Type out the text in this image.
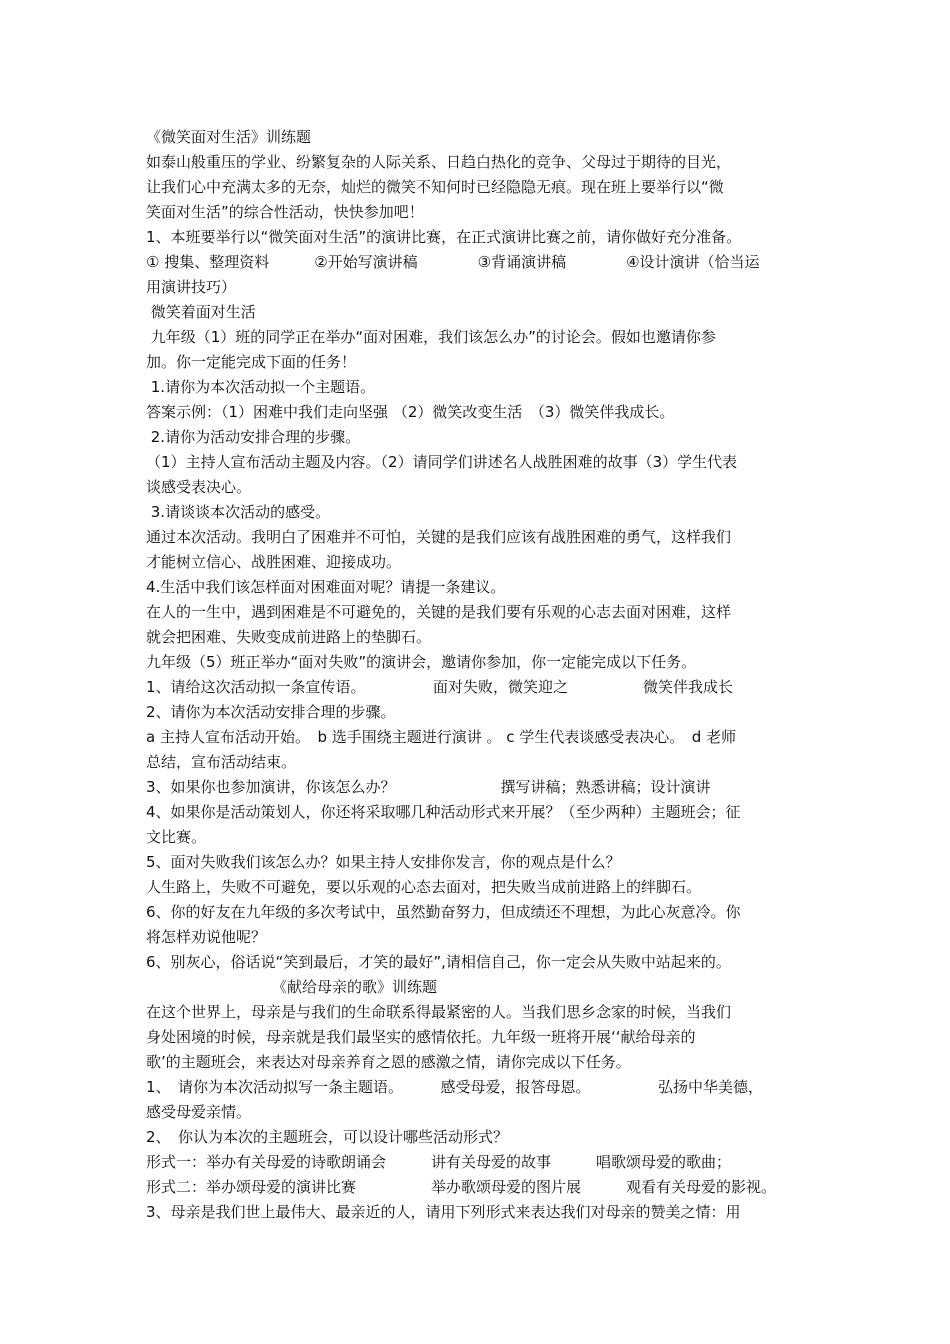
《微笑面对生活》训练题

如泰山般重压的学业、纷繁复杂的人际关系、日趋白热化的竞争、父母过于期待的目光，

让我们心中充满太多的无奈，灿烂的微笑不知何时已经隐隐无痕。现在班上要举行以“微

笑面对生活”的综合性活动，快快参加吧！

1、本班要举行以“微笑面对生活”的演讲比赛，在正式演讲比赛之前，请你做好充分准备。

① 搜集、整理资料　　　②开始写演讲稿　　　　③背诵演讲稿　　　　④设计演讲（恰当运

用演讲技巧）

微笑着面对生活

九年级（1）班的同学正在举办“面对困难，我们该怎么办”的讨论会。假如也邀请你参

加。你一定能完成下面的任务！

1.请你为本次活动拟一个主题语。

答案示例：（1）困难中我们走向坚强 （2）微笑改变生活　（3）微笑伴我成长。

2.请你为活动安排合理的步骤。

（1）主持人宣布活动主题及内容。（2）请同学们讲述名人战胜困难的故事（3）学生代表

谈感受表决心。

3.请谈谈本次活动的感受。

通过本次活动。我明白了困难并不可怕，关键的是我们应该有战胜困难的勇气，这样我们

才能树立信心、战胜困难、迎接成功。

4.生活中我们该怎样面对困难面对呢？请提一条建议。

在人的一生中，遇到困难是不可避免的，关键的是我们要有乐观的心志去面对困难，这样

就会把困难、失败变成前进路上的垫脚石。

九年级（5）班正举办“面对失败”的演讲会，邀请你参加，你一定能完成以下任务。

1、请给这次活动拟一条宣传语。　　　　　面对失败，微笑迎之　　　　　微笑伴我成长

2、请你为本次活动安排合理的步骤。

a 主持人宣布活动开始。　b 选手围绕主题进行演讲 。 c 学生代表谈感受表决心。　d 老师

总结，宣布活动结束。

3、如果你也参加演讲，你该怎么办？　　　　　　　撰写讲稿；熟悉讲稿；设计演讲

4、如果你是活动策划人，你还将采取哪几种活动形式来开展？（至少两种）主题班会；征

文比赛。

5、面对失败我们该怎么办？如果主持人安排你发言，你的观点是什么？

人生路上，失败不可避免，要以乐观的心态去面对，把失败当成前进路上的绊脚石。

6、你的好友在九年级的多次考试中，虽然勤奋努力，但成绩还不理想，为此心灰意冷。你

将怎样劝说他呢？

6、别灰心，俗话说“笑到最后，才笑的最好”,请相信自己，你一定会从失败中站起来的。

《献给母亲的歌》训练题

在这个世界上，母亲是与我们的生命联系得最紧密的人。当我们思乡念家的时候，当我们

身处困境的时候，母亲就是我们最坚实的感情依托。九年级一班将开展‘‘献给母亲的

歌’的主题班会，来表达对母亲养育之恩的感激之情，请你完成以下任务。

1、　请你为本次活动拟写一条主题语。　　　感受母爱，报答母恩。　　　　　弘扬中华美德，

感受母爱亲情。

2、　你认为本次的主题班会，可以设计哪些活动形式？

形式一：举办有关母爱的诗歌朗诵会　　　讲有关母爱的故事　　　唱歌颂母爱的歌曲；

形式二：举办颂母爱的演讲比赛　　　　　举办歌颂母爱的图片展　　　观看有关母爱的影视。

3、母亲是我们世上最伟大、最亲近的人，请用下列形式来表达我们对母亲的赞美之情：用
